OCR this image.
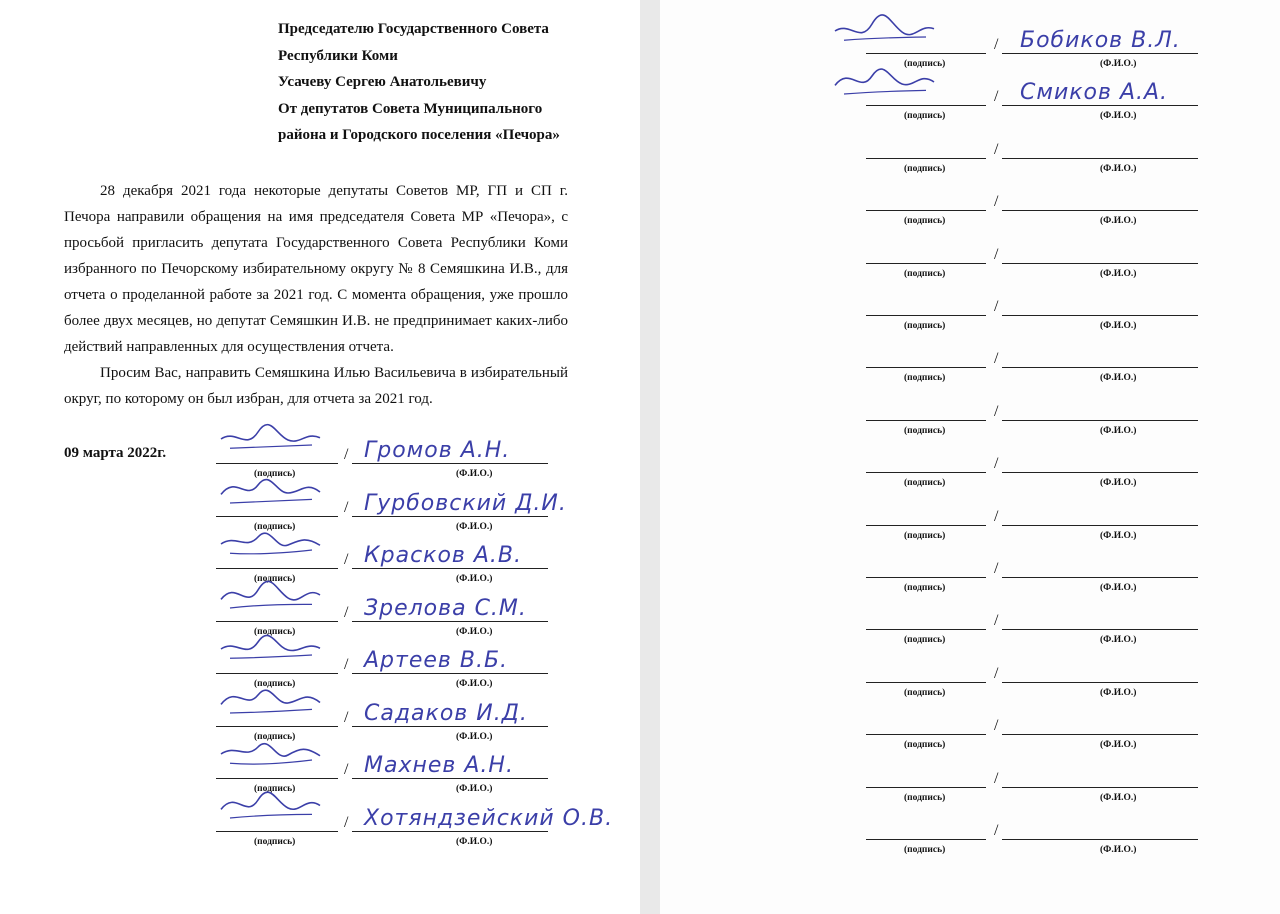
Председателю Государственного Совета
Республики Коми
Усачеву Сергею Анатольевичу
От депутатов Совета Муниципального
района и Городского поселения «Печора»

28 декабря 2021 года некоторые депутаты Советов МР, ГП и СП г. Печора направили обращения на имя председателя Совета МР «Печора», с просьбой пригласить депутата Государственного Совета Республики Коми избранного по Печорскому избирательному округу № 8 Семяшкина И.В., для отчета о проделанной работе за 2021 год. С момента обращения, уже прошло более двух месяцев, но депутат Семяшкин И.В. не предпринимает каких-либо действий направленных для осуществления отчета.

Просим Вас, направить Семяшкина Илью Васильевича в избирательный округ, по которому он был избран, для отчета за 2021 год.

09 марта 2022г.	/ Громов А.Н.
(подпись)	(Ф.И.О.)
/ Гурбовский Д.И.
(подпись)	(Ф.И.О.)
/ Красков А.В.
(подпись)	(Ф.И.О.)
/ Зрелова С.М.
(подпись)	(Ф.И.О.)
/ Артеев В.Б.
(подпись)	(Ф.И.О.)
/ Садаков И.Д.
(подпись)	(Ф.И.О.)
/ Махнев А.Н.
(подпись)	(Ф.И.О.)
/ Хотяндзейский О.В.
(подпись)	(Ф.И.О.)
Бобиков В.Л.
/
(подпись)	(Ф.И.О.)
Смиков А.А.
/
(подпись)	(Ф.И.О.)
/
(подпись)	(Ф.И.О.)
/
(подпись)	(Ф.И.О.)
/
(подпись)	(Ф.И.О.)
/
(подпись)	(Ф.И.О.)
/
(подпись)	(Ф.И.О.)
/
(подпись)	(Ф.И.О.)
/
(подпись)	(Ф.И.О.)
/
(подпись)	(Ф.И.О.)
/
(подпись)	(Ф.И.О.)
/
(подпись)	(Ф.И.О.)
/
(подпись)	(Ф.И.О.)
/
(подпись)	(Ф.И.О.)
/
(подпись)	(Ф.И.О.)
/
(подпись)	(Ф.И.О.)
